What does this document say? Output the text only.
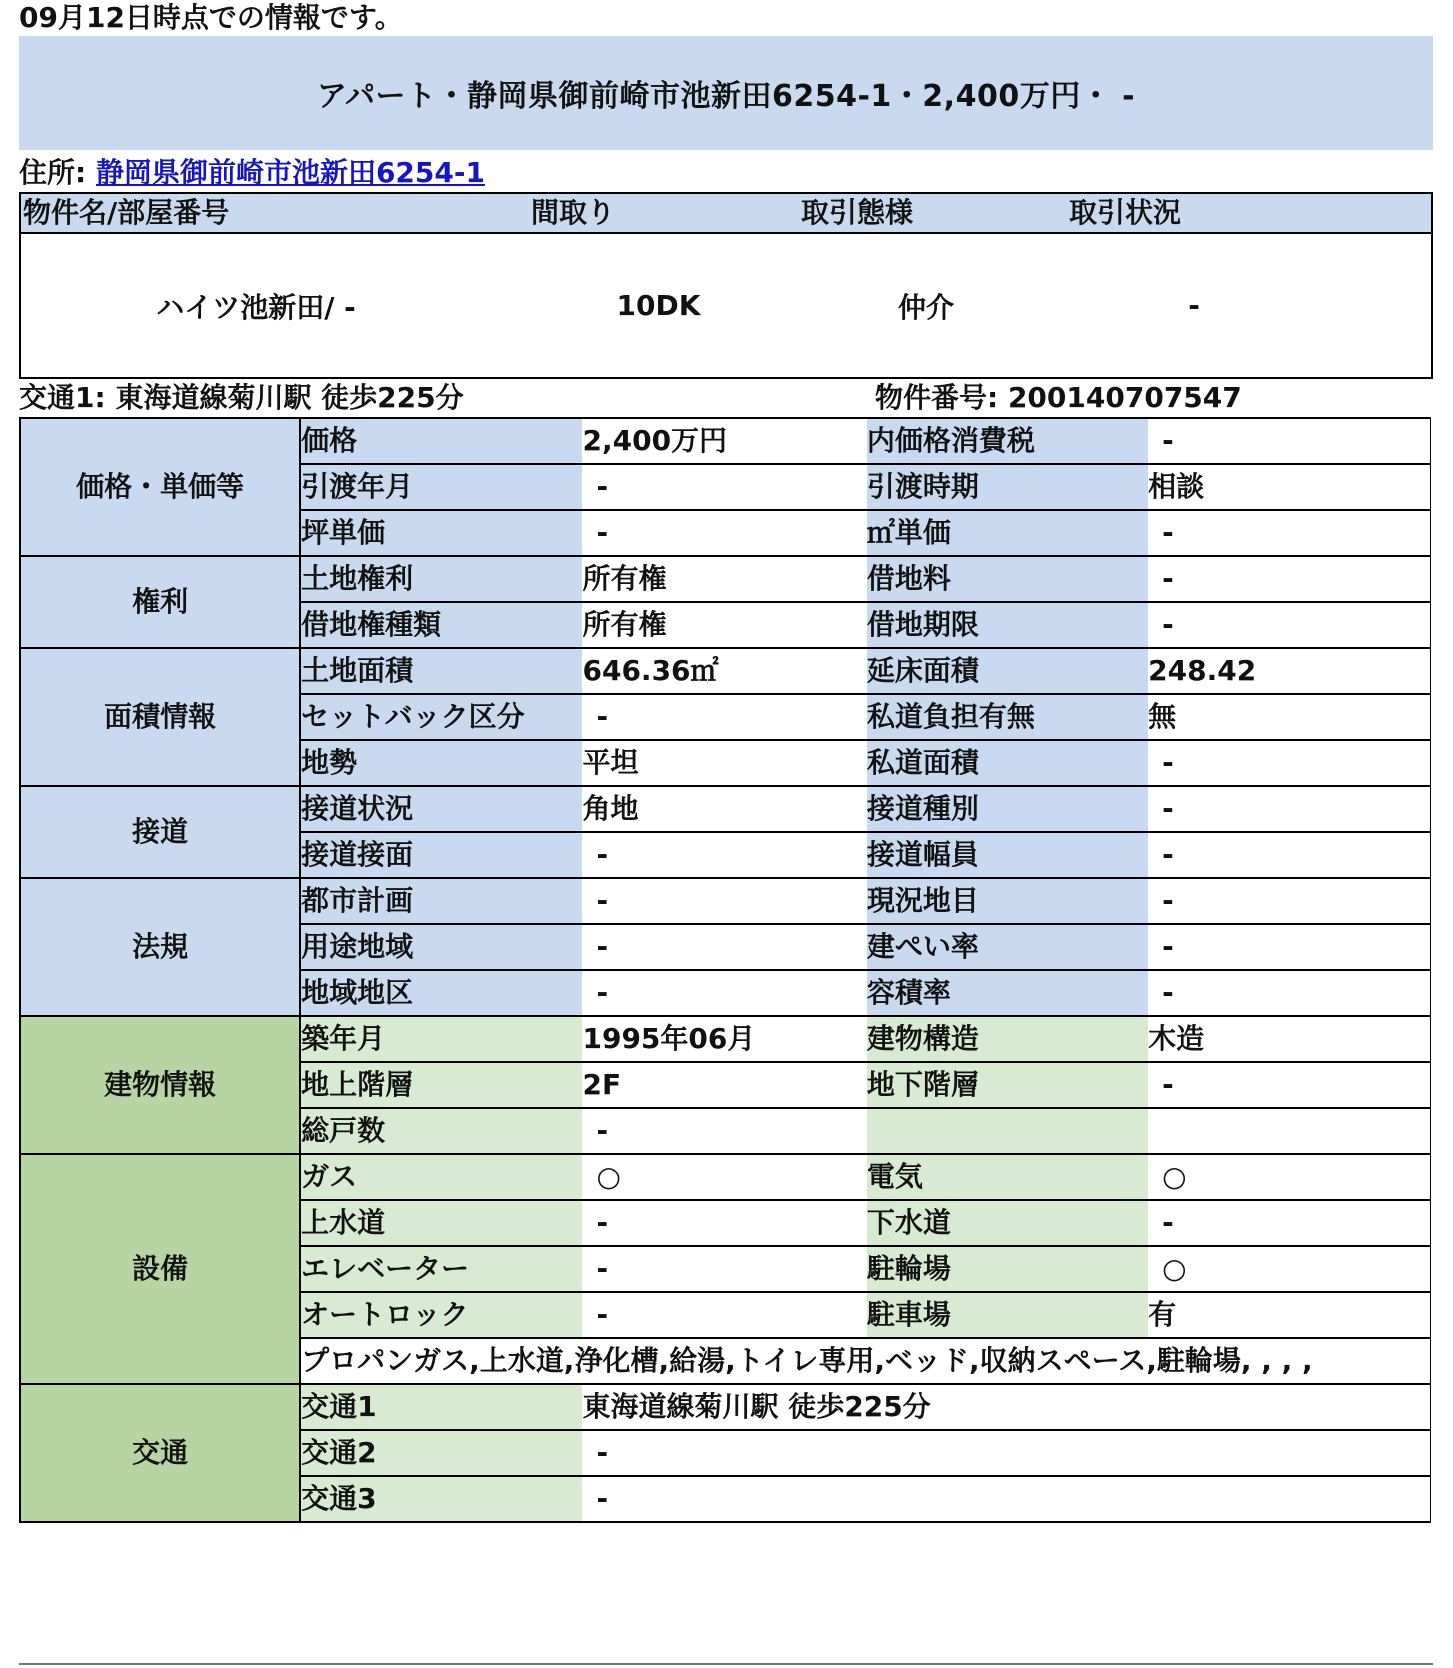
09月12日時点での情報です。
アパート・静岡県御前崎市池新田6254-1・2,400万円・ -
住所: 静岡県御前崎市池新田6254-1
物件名/部屋番号	間取り	取引態様	取引状況
ハイツ池新田/ -	10DK	仲介	-
交通1: 東海道線菊川駅 徒歩225分	物件番号: 200140707547
価格・単価等	価格	2,400万円	内価格消費税	-
	引渡年月	-	引渡時期	相談
	坪単価	-	㎡単価	-
権利	土地権利	所有権	借地料	-
	借地権種類	所有権	借地期限	-
面積情報	土地面積	646.36㎡	延床面積	248.42
	セットバック区分	-	私道負担有無	無
	地勢	平坦	私道面積	-
接道	接道状況	角地	接道種別	-
	接道接面	-	接道幅員	-
法規	都市計画	-	現況地目	-
	用途地域	-	建ぺい率	-
	地域地区	-	容積率	-
建物情報	築年月	1995年06月	建物構造	木造
	地上階層	2F	地下階層	-
	総戸数	-		
設備	ガス	○	電気	○
	上水道	-	下水道	-
	エレベーター	-	駐輪場	○
	オートロック	-	駐車場	有
	プロパンガス,上水道,浄化槽,給湯,トイレ専用,ベッド,収納スペース,駐輪場, , , ,			
交通	交通1	東海道線菊川駅 徒歩225分		
	交通2	-		
	交通3	-		
